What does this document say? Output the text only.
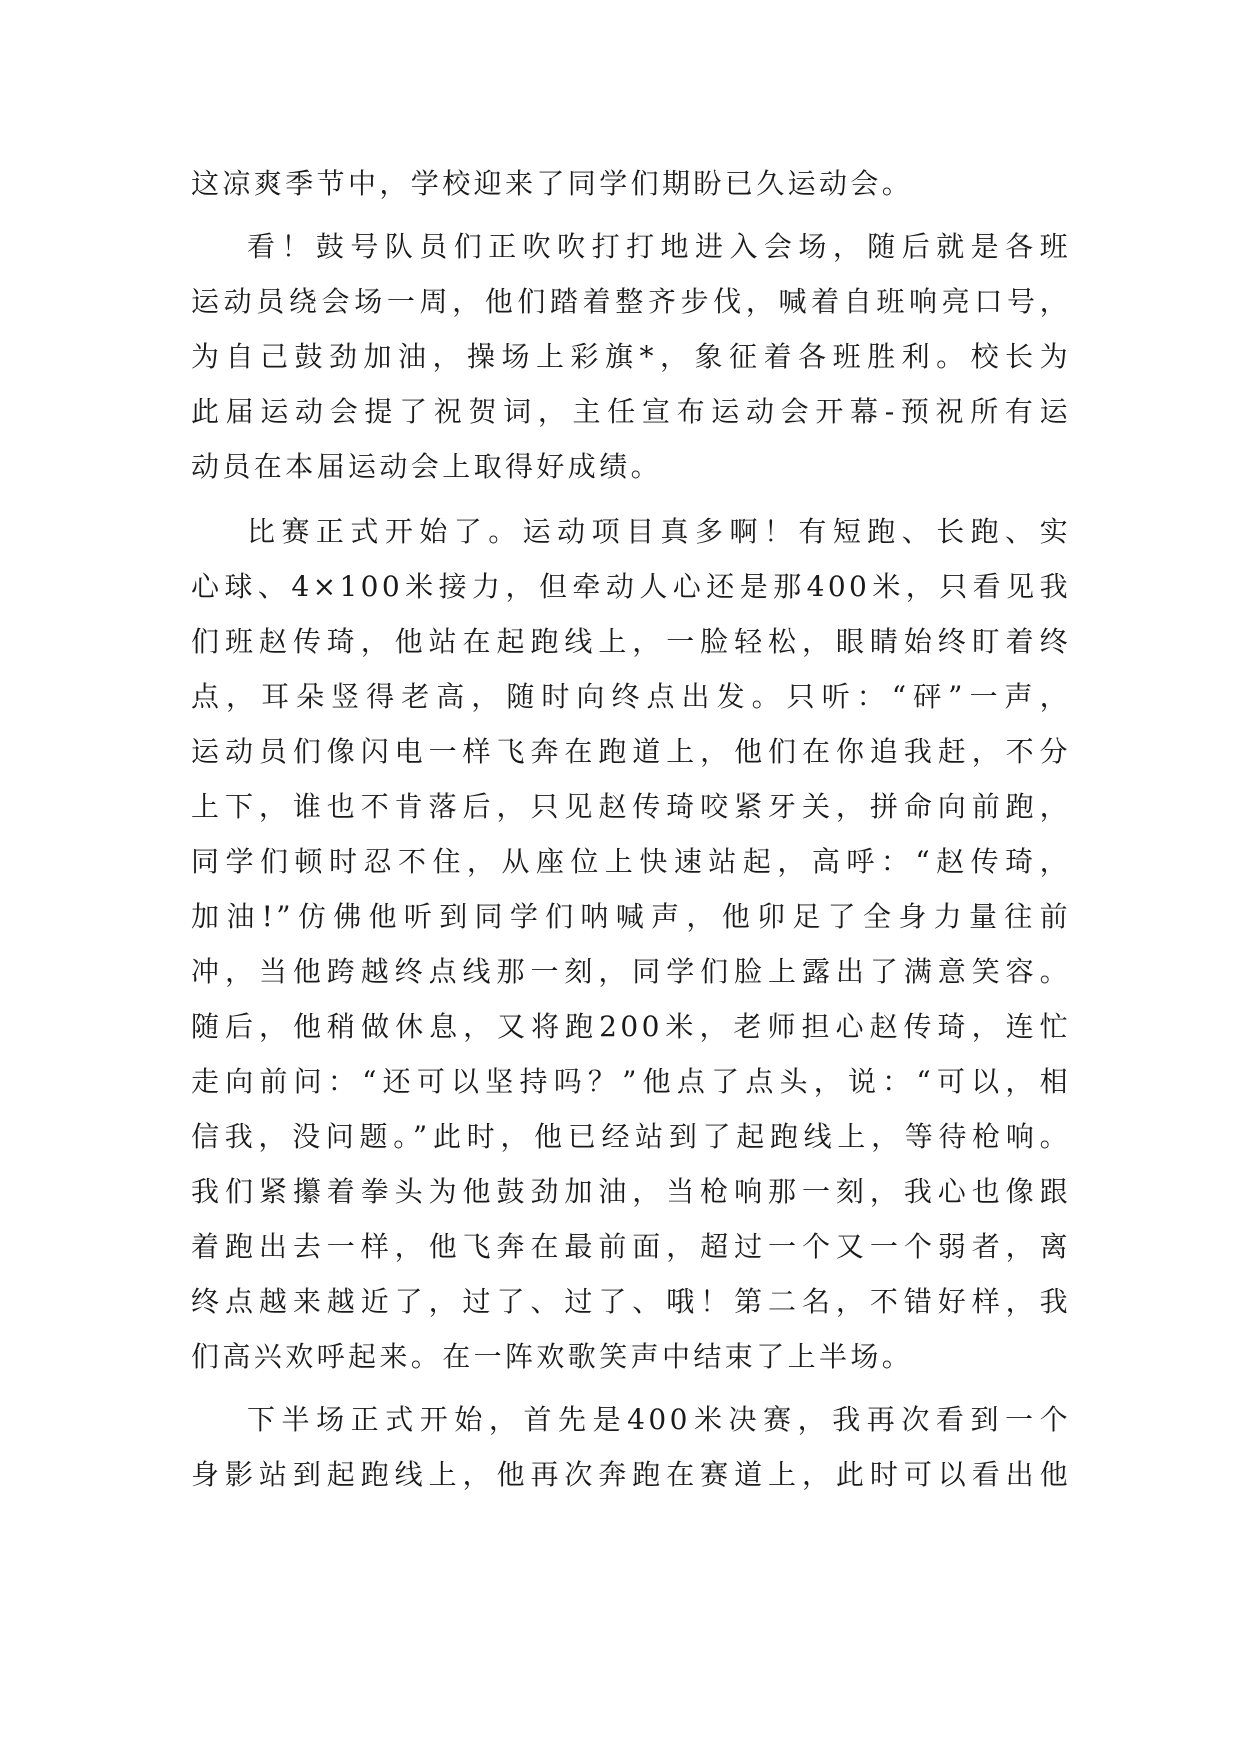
这凉爽季节中，学校迎来了同学们期盼已久运动会。
看！鼓号队员们正吹吹打打地进入会场，随后就是各班
运动员绕会场一周，他们踏着整齐步伐，喊着自班响亮口号，
为自己鼓劲加油，操场上彩旗*，象征着各班胜利。校长为
此届运动会提了祝贺词，主任宣布运动会开幕-预祝所有运
动员在本届运动会上取得好成绩。
比赛正式开始了。运动项目真多啊！有短跑、长跑、实
心球、4×100米接力，但牵动人心还是那400米，只看见我
们班赵传琦，他站在起跑线上，一脸轻松，眼睛始终盯着终
点，耳朵竖得老高，随时向终点出发。只听：“砰”一声，
运动员们像闪电一样飞奔在跑道上，他们在你追我赶，不分
上下，谁也不肯落后，只见赵传琦咬紧牙关，拼命向前跑，
同学们顿时忍不住，从座位上快速站起，高呼：“赵传琦，
加油!”仿佛他听到同学们呐喊声，他卯足了全身力量往前
冲，当他跨越终点线那一刻，同学们脸上露出了满意笑容。
随后，他稍做休息，又将跑200米，老师担心赵传琦，连忙
走向前问：“还可以坚持吗？”他点了点头，说：“可以，相
信我，没问题。”此时，他已经站到了起跑线上，等待枪响。
我们紧攥着拳头为他鼓劲加油，当枪响那一刻，我心也像跟
着跑出去一样，他飞奔在最前面，超过一个又一个弱者，离
终点越来越近了，过了、过了、哦！第二名，不错好样，我
们高兴欢呼起来。在一阵欢歌笑声中结束了上半场。
下半场正式开始，首先是400米决赛，我再次看到一个
身影站到起跑线上，他再次奔跑在赛道上，此时可以看出他
